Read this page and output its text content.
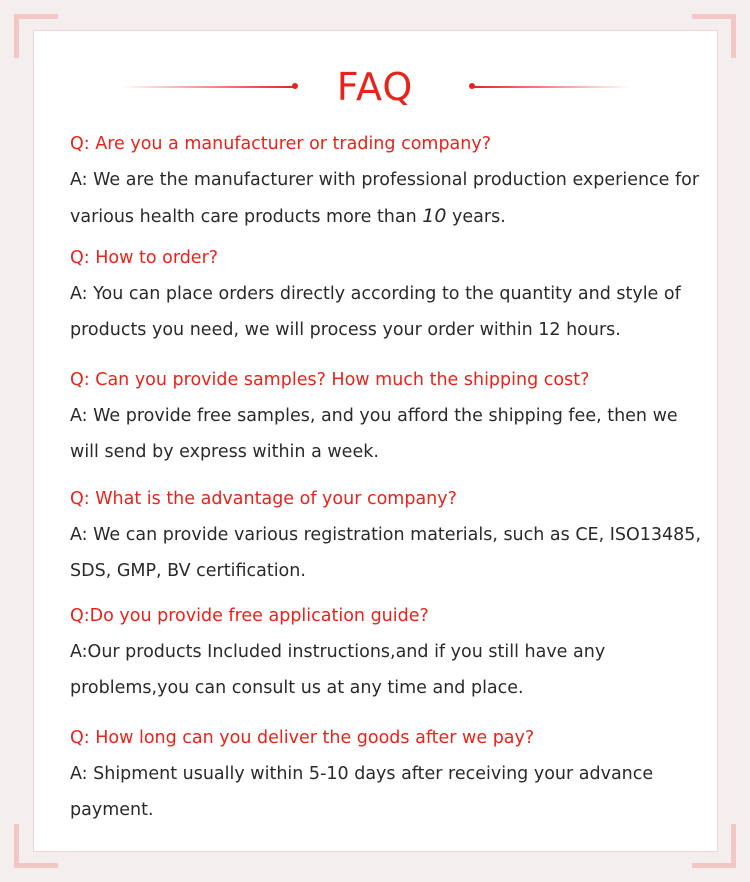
FAQ
Q: Are you a manufacturer or trading company?
A: We are the manufacturer with professional production experience for various health care products more than 10 years.
Q: How to order?
A: You can place orders directly according to the quantity and style of products you need, we will process your order within 12 hours.
Q: Can you provide samples? How much the shipping cost?
A: We provide free samples, and you afford the shipping fee, then we will send by express within a week.
Q: What is the advantage of your company?
A: We can provide various registration materials, such as CE, ISO13485, SDS, GMP, BV certification.
Q:Do you provide free application guide?
A:Our products Included instructions,and if you still have any problems,you can consult us at any time and place.
Q: How long can you deliver the goods after we pay?
A: Shipment usually within 5-10 days after receiving your advance payment.
